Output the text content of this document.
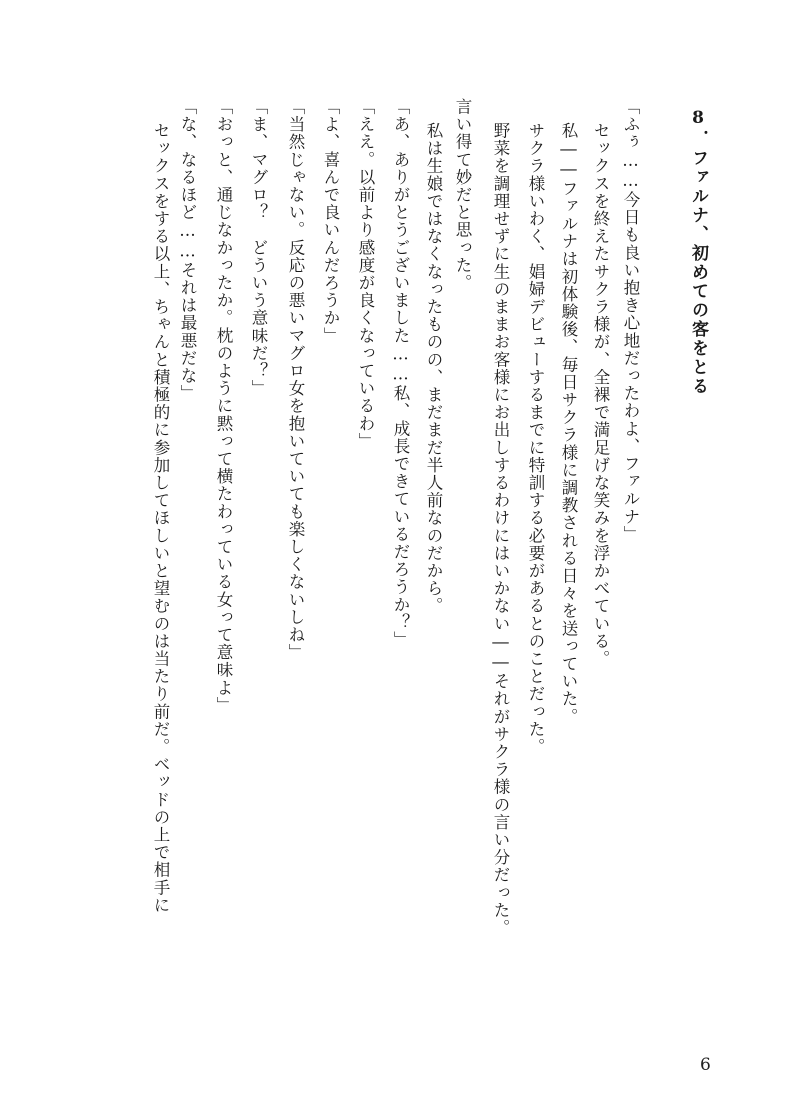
8．ファルナ、初めての客をとる
「ふぅ……今日も良い抱き心地だったわよ、ファルナ」
セックスを終えたサクラ様が、全裸で満足げな笑みを浮かべている。
私――ファルナは初体験後、毎日サクラ様に調教される日々を送っていた。
サクラ様いわく、娼婦デビューするまでに特訓する必要があるとのことだった。
野菜を調理せずに生のままお客様にお出しするわけにはいかない――それがサクラ様の言い分だった。
言い得て妙だと思った。
私は生娘ではなくなったものの、まだまだ半人前なのだから。
「あ、ありがとうございました……私、成長できているだろうか？」
「ええ。以前より感度が良くなっているわ」
「よ、喜んで良いんだろうか」
「当然じゃない。反応の悪いマグロ女を抱いていても楽しくないしね」
「ま、マグロ？　どういう意味だ？」
「おっと、通じなかったか。枕のように黙って横たわっている女って意味よ」
「な、なるほど……それは最悪だな」
セックスをする以上、ちゃんと積極的に参加してほしいと望むのは当たり前だ。ベッドの上で相手に
6
